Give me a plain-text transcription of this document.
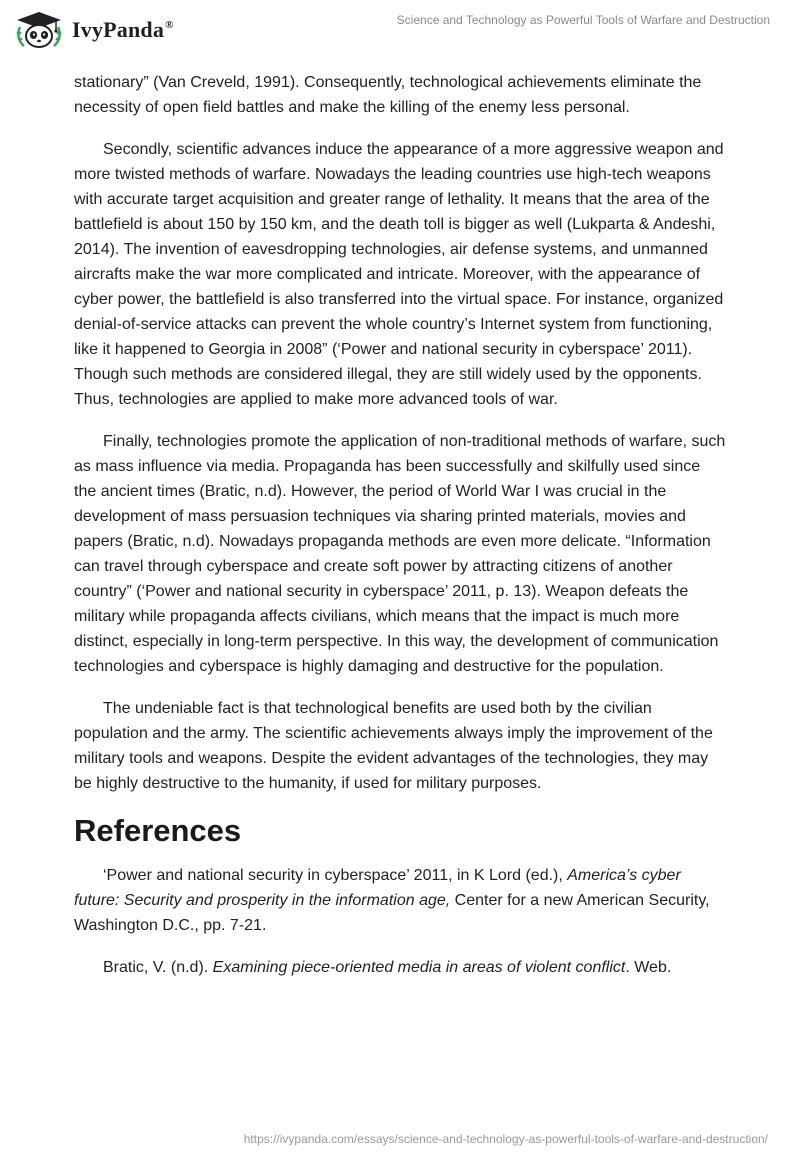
IvyPanda®	Science and Technology as Powerful Tools of Warfare and Destruction

stationary” (Van Creveld, 1991). Consequently, technological achievements eliminate the necessity of open field battles and make the killing of the enemy less personal.

Secondly, scientific advances induce the appearance of a more aggressive weapon and more twisted methods of warfare. Nowadays the leading countries use high-tech weapons with accurate target acquisition and greater range of lethality. It means that the area of the battlefield is about 150 by 150 km, and the death toll is bigger as well (Lukparta & Andeshi, 2014). The invention of eavesdropping technologies, air defense systems, and unmanned aircrafts make the war more complicated and intricate. Moreover, with the appearance of cyber power, the battlefield is also transferred into the virtual space. For instance, organized denial-of-service attacks can prevent the whole country’s Internet system from functioning, like it happened to Georgia in 2008” (‘Power and national security in cyberspace’ 2011). Though such methods are considered illegal, they are still widely used by the opponents. Thus, technologies are applied to make more advanced tools of war.

Finally, technologies promote the application of non-traditional methods of warfare, such as mass influence via media. Propaganda has been successfully and skilfully used since the ancient times (Bratic, n.d). However, the period of World War I was crucial in the development of mass persuasion techniques via sharing printed materials, movies and papers (Bratic, n.d). Nowadays propaganda methods are even more delicate. “Information can travel through cyberspace and create soft power by attracting citizens of another country” (‘Power and national security in cyberspace’ 2011, p. 13). Weapon defeats the military while propaganda affects civilians, which means that the impact is much more distinct, especially in long-term perspective. In this way, the development of communication technologies and cyberspace is highly damaging and destructive for the population.

The undeniable fact is that technological benefits are used both by the civilian population and the army. The scientific achievements always imply the improvement of the military tools and weapons. Despite the evident advantages of the technologies, they may be highly destructive to the humanity, if used for military purposes.

References

‘Power and national security in cyberspace’ 2011, in K Lord (ed.), America’s cyber future: Security and prosperity in the information age, Center for a new American Security, Washington D.C., pp. 7-21.

Bratic, V. (n.d). Examining piece-oriented media in areas of violent conflict. Web.

https://ivypanda.com/essays/science-and-technology-as-powerful-tools-of-warfare-and-destruction/
